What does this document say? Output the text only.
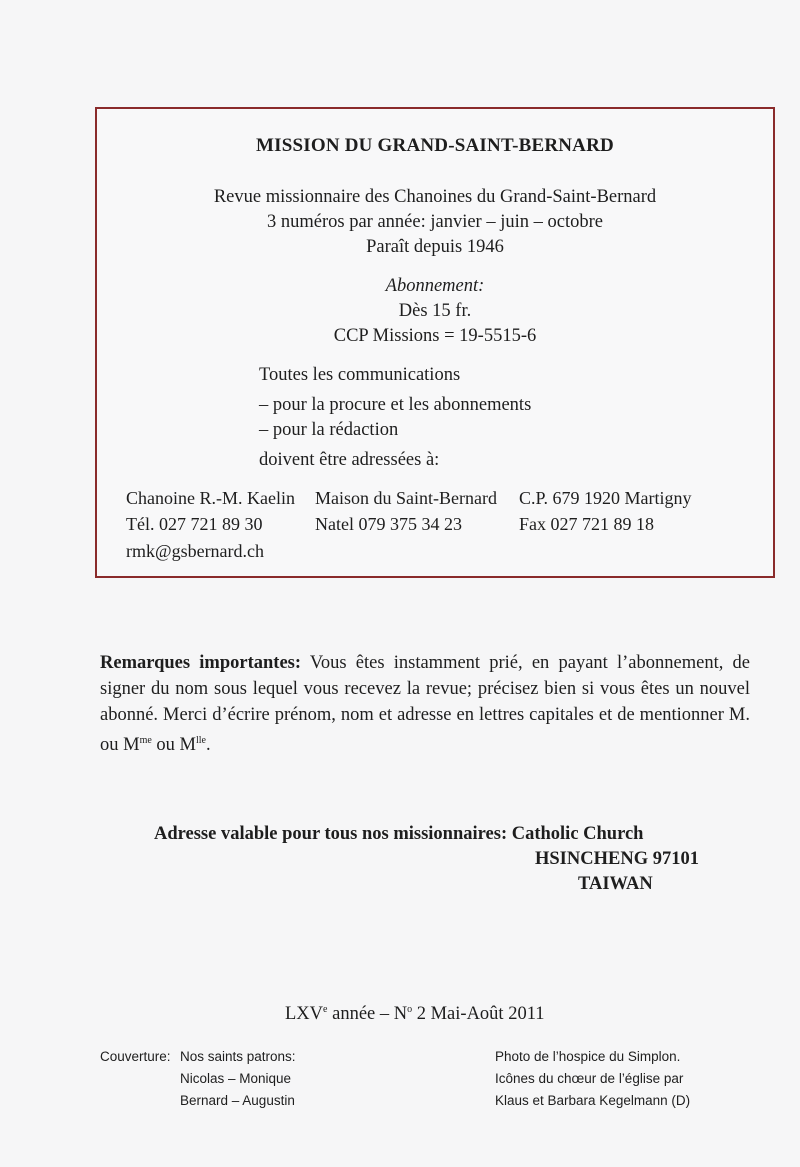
MISSION DU GRAND-SAINT-BERNARD
Revue missionnaire des Chanoines du Grand-Saint-Bernard
3 numéros par année: janvier – juin – octobre
Paraît depuis 1946
Abonnement:
Dès 15 fr.
CCP Missions = 19-5515-6
Toutes les communications
– pour la procure et les abonnements
– pour la rédaction
doivent être adressées à:
Chanoine R.-M. Kaelin Maison du Saint-Bernard C.P. 679 1920 Martigny
Tél. 027 721 89 30	Natel 079 375 34 23	Fax 027 721 89 18
rmk@gsbernard.ch
Remarques importantes: Vous êtes instamment prié, en payant l’abonnement, de signer du nom sous lequel vous recevez la revue; précisez bien si vous êtes un nouvel abonné. Merci d’écrire prénom, nom et adresse en lettres capitales et de mentionner M. ou $M^{me}$ ou $M^{lle}$.
Adresse valable pour tous nos missionnaires: Catholic Church
HSINCHENG 97101
TAIWAN
LXVe année – $N^o$ 2 Mai-Août 2011
Couverture: Nos saints patrons:
Nicolas – Monique
Bernard – Augustin
Photo de l’hospice du Simplon.
Icônes du chœur de l’église par
Klaus et Barbara Kegelmann (D)
